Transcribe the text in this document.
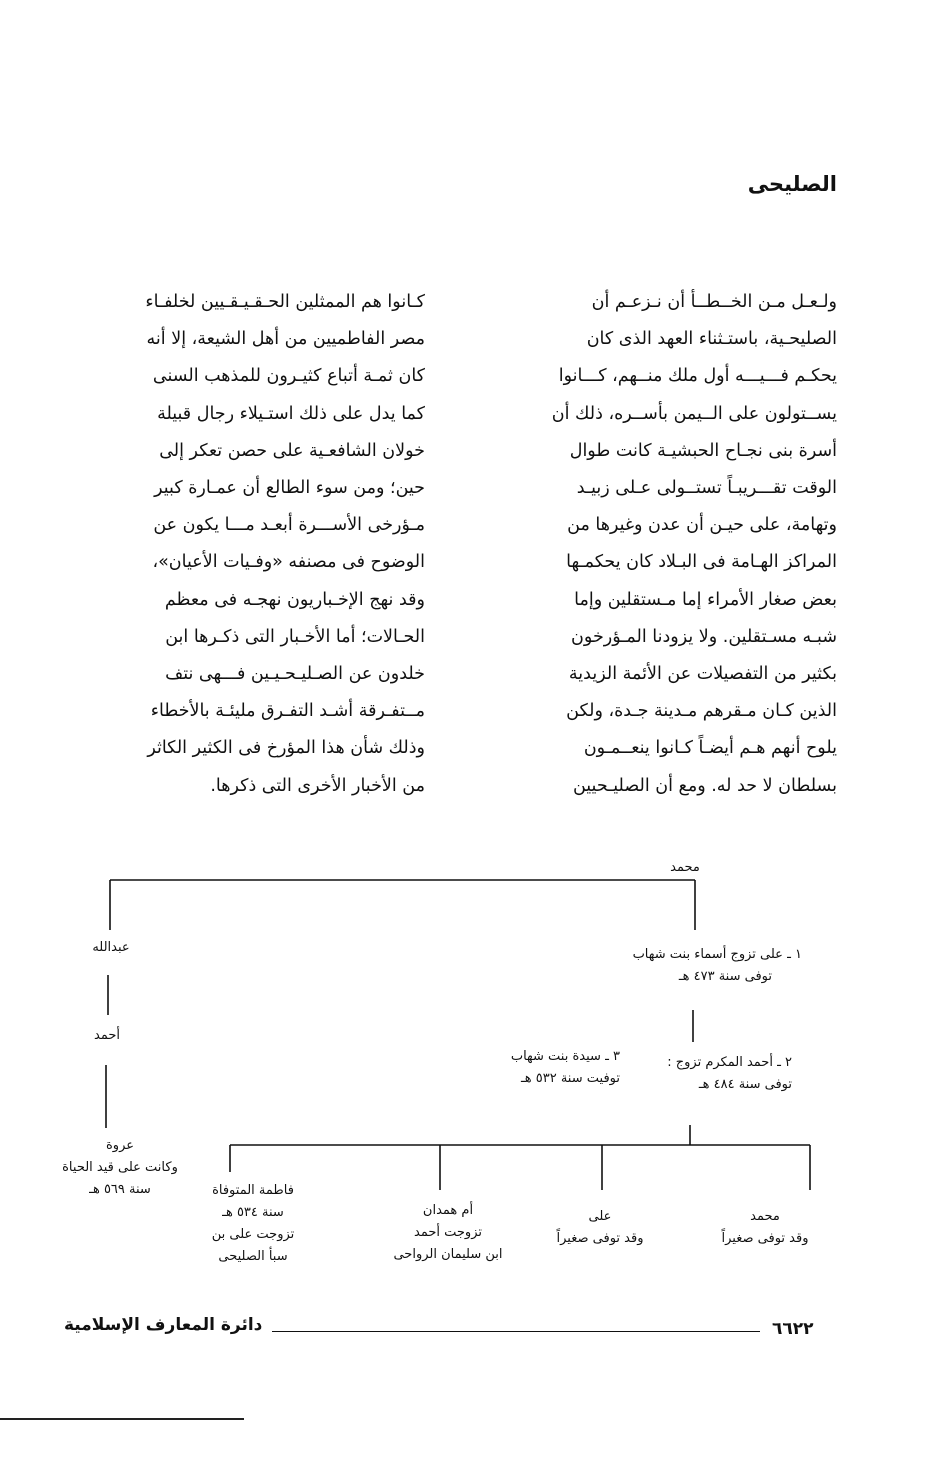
الصليحى

ولـعـل مـن الخــطــأ أن نـزعـم أن

الصليحـية، باستـثناء العهد الذى كان

يحكـم فـــيـــه أول ملك منــهم، كـــانوا

يســتولون على الــيمن بأســره، ذلك أن

أسرة بنى نجـاح الحبشيـة كانت طوال

الوقت تقـــريبـاً تستــولى عـلى زبيـد

وتهامة، على حيـن أن عدن وغيرها من

المراكز الهـامة فى البـلاد كان يحكمـها

بعض صغار الأمراء إما مـستقلين وإما

شبـه مسـتقلين. ولا يزودنا المـؤرخون

بكثير من التفصيلات عن الأئمة الزيدية

الذين كـان مـقرهم مـدينة جـدة، ولكن

يلوح أنهم هـم أيضـاً كـانوا ينعــمـون

بسلطان لا حد له. ومع أن الصليـحيين

كـانوا هم الممثلين الحـقـيـقـيين لخلفـاء

مصر الفاطميين من أهل الشيعة، إلا أنه

كان ثمـة أتباع كثيـرون للمذهب السنى

كما يدل على ذلك استـيلاء رجال قبيلة

خولان الشافعـية على حصن تعكر إلى

حين؛ ومن سوء الطالع أن عمـارة كبير

مـؤرخى الأســـرة أبعـد مـــا يكون عن

الوضوح فى مصنفه «وفـيات الأعيان»،

وقد نهج الإخـباريون نهجـه فى معظم

الحـالات؛ أما الأخـبار التى ذكـرها ابن

خلدون عن الصـليـحـيـين فـــهى نتف

مــتفـرقة أشـد التفـرق مليئـة بالأخطاء

وذلك شأن هذا المؤرخ فى الكثير الكاثر

من الأخبار الأخرى التى ذكرها.

محمد
عبدالله
أحمد
عروة
وكانت على قيد الحياة
سنة ٥٦٩ هـ
١ ـ على تزوج أسماء بنت شهاب
توفى سنة ٤٧٣ هـ
٢ ـ أحمد المكرم تزوج :
توفى سنة ٤٨٤ هـ
٣ ـ سيدة بنت شهاب
توفيت سنة ٥٣٢ هـ
محمد
وقد توفى صغيراً
على
وقد توفى صغيراً
أم همدان
تزوجت أحمد
ابن سليمان الرواحى
فاطمة المتوفاة
سنة ٥٣٤ هـ
تزوجت على بن
سبأ الصليحى
دائرة المعارف الإسلامية	٦٦٢٢
